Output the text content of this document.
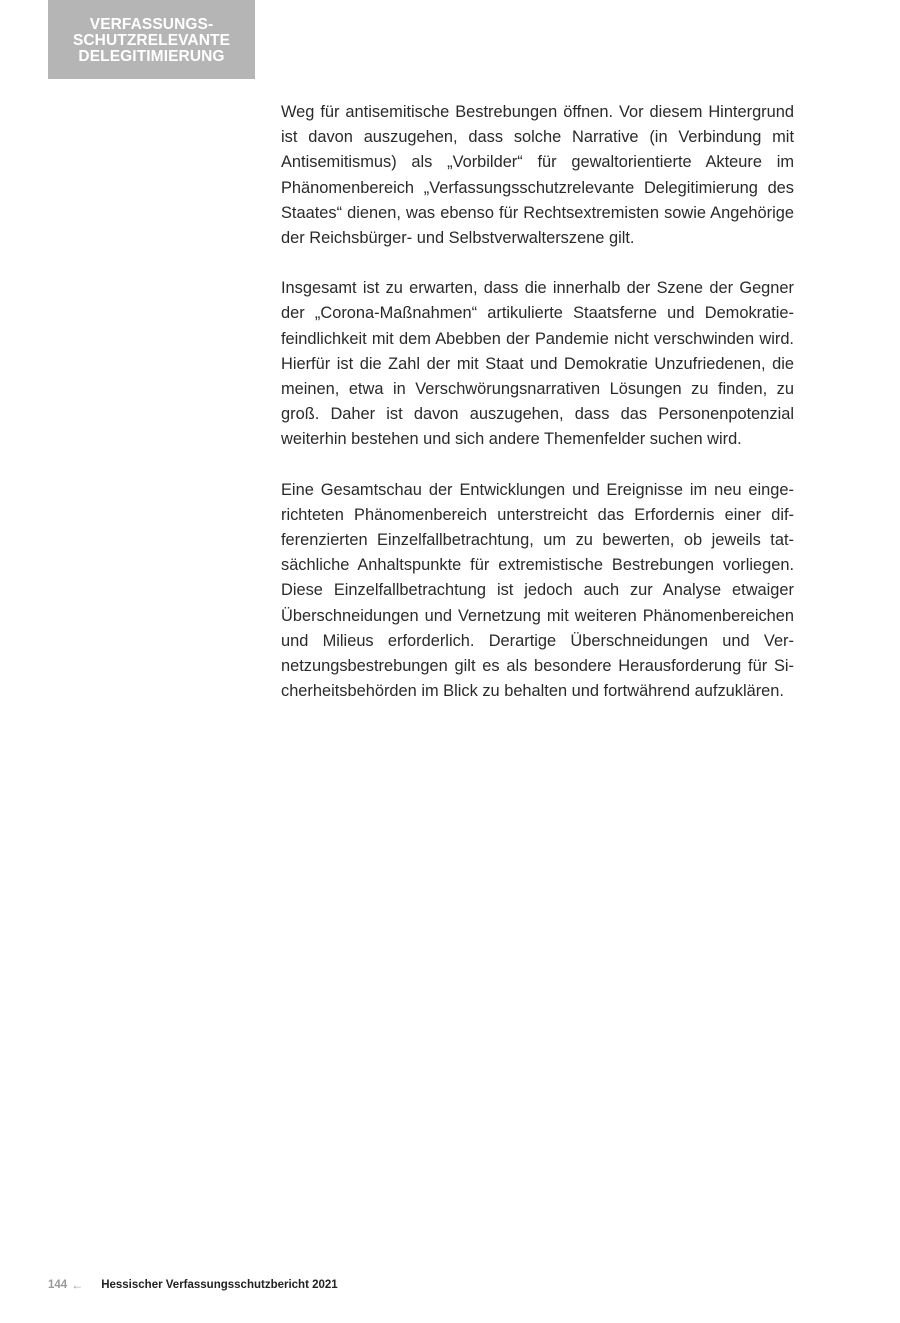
VERFASSUNGS-
SCHUTZRELEVANTE
DELEGITIMIERUNG

Weg für antisemitische Bestrebungen öffnen. Vor diesem Hintergrund ist davon auszugehen, dass solche Narrative (in Verbindung mit Antisemitismus) als „Vorbilder“ für gewaltorientierte Akteure im Phänomenbereich „Verfassungsschutzrelevante Delegitimierung des Staates“ dienen, was ebenso für Rechtsextremisten sowie Angehörige der Reichsbürger- und Selbstverwalterszene gilt.

Insgesamt ist zu erwarten, dass die innerhalb der Szene der Gegner der „Corona-Maßnahmen“ artikulierte Staatsferne und Demokratiefeindlichkeit mit dem Abebben der Pandemie nicht verschwinden wird. Hierfür ist die Zahl der mit Staat und Demokratie Unzufriedenen, die meinen, etwa in Verschwörungsnarrativen Lösungen zu finden, zu groß. Daher ist davon auszugehen, dass das Personenpotenzial weiterhin bestehen und sich andere Themenfelder suchen wird.

Eine Gesamtschau der Entwicklungen und Ereignisse im neu eingerichteten Phänomenbereich unterstreicht das Erfordernis einer differenzierten Einzelfallbetrachtung, um zu bewerten, ob jeweils tatsächliche Anhaltspunkte für extremistische Bestrebungen vorliegen. Diese Einzelfallbetrachtung ist jedoch auch zur Analyse etwaiger Überschneidungen und Vernetzung mit weiteren Phänomenbereichen und Milieus erforderlich. Derartige Überschneidungen und Vernetzungsbestrebungen gilt es als besondere Herausforderung für Sicherheitsbehörden im Blick zu behalten und fortwährend aufzuklären.

144 ← Hessischer Verfassungsschutzbericht 2021
